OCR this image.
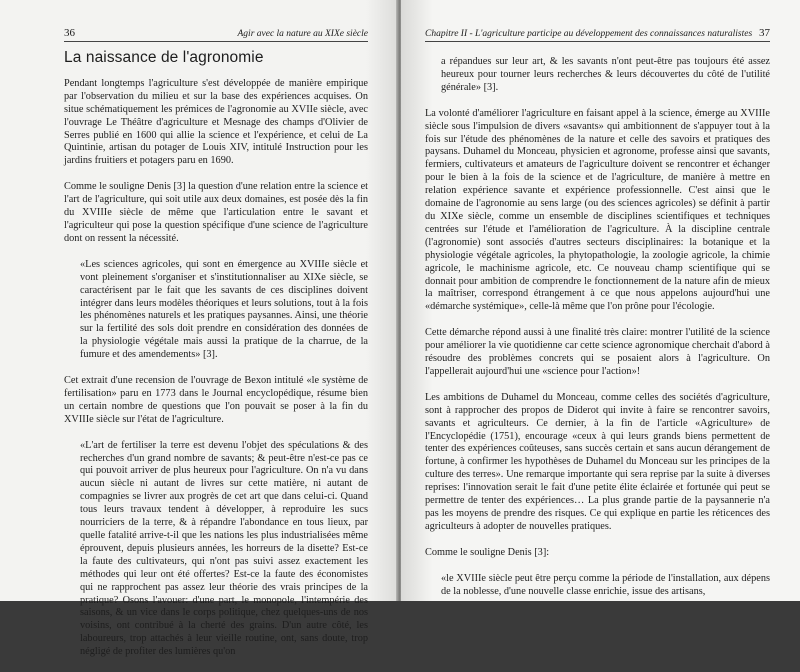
36	Agir avec la nature au XIXe siècle
La naissance de l'agronomie

Pendant longtemps l'agriculture s'est développée de manière empirique par l'observation du milieu et sur la base des expériences acquises. On situe schématiquement les prémices de l'agronomie au XVIIe siècle, avec l'ouvrage Le Théâtre d'agriculture et Mesnage des champs d'Olivier de Serres publié en 1600 qui allie la science et l'expérience, et celui de La Quintinie, artisan du potager de Louis XIV, intitulé Instruction pour les jardins fruitiers et potagers paru en 1690.

Comme le souligne Denis [3] la question d'une relation entre la science et l'art de l'agriculture, qui soit utile aux deux domaines, est posée dès la fin du XVIIIe siècle de même que l'articulation entre le savant et l'agriculteur qui pose la question spécifique d'une science de l'agriculture dont on ressent la nécessité.

«Les sciences agricoles, qui sont en émergence au XVIIIe siècle et vont pleinement s'organiser et s'institutionnaliser au XIXe siècle, se caractérisent par le fait que les savants de ces disciplines doivent intégrer dans leurs modèles théoriques et leurs solutions, tout à la fois les phénomènes naturels et les pratiques paysannes. Ainsi, une théorie sur la fertilité des sols doit prendre en considération des données de la physiologie végétale mais aussi la pratique de la charrue, de la fumure et des amendements» [3].

Cet extrait d'une recension de l'ouvrage de Bexon intitulé «le système de fertilisation» paru en 1773 dans le Journal encyclopédique, résume bien un certain nombre de questions que l'on pouvait se poser à la fin du XVIIIe siècle sur l'état de l'agriculture.

«L'art de fertiliser la terre est devenu l'objet des spéculations & des recherches d'un grand nombre de savants; & peut-être n'est-ce pas ce qui pouvoit arriver de plus heureux pour l'agriculture. On n'a vu dans aucun siècle ni autant de livres sur cette matière, ni autant de compagnies se livrer aux progrès de cet art que dans celui-ci. Quand tous leurs travaux tendent à développer, à reproduire les sucs nourriciers de la terre, & à répandre l'abondance en tous lieux, par quelle fatalité arrive-t-il que les nations les plus industrialisées même éprouvent, depuis plusieurs années, les horreurs de la disette? Est-ce la faute des cultivateurs, qui n'ont pas suivi assez exactement les méthodes qui leur ont été offertes? Est-ce la faute des économistes qui ne rapprochent pas assez leur théorie des vrais principes de la pratique? Osons l'avouer: d'une part, le monopole, l'intempérie des saisons, & un vice dans le corps politique, chez quelques-uns de nos voisins, ont contribué à la cherté des grains. D'un autre côté, les laboureurs, trop attachés à leur vieille routine, ont, sans doute, trop négligé de profiter des lumières qu'on

Chapitre II - L'agriculture participe au développement des connaissances naturalistes 37

a répandues sur leur art, & les savants n'ont peut-être pas toujours été assez heureux pour tourner leurs recherches & leurs découvertes du côté de l'utilité générale» [3].

La volonté d'améliorer l'agriculture en faisant appel à la science, émerge au XVIIIe siècle sous l'impulsion de divers «savants» qui ambitionnent de s'appuyer tout à la fois sur l'étude des phénomènes de la nature et celle des savoirs et pratiques des paysans. Duhamel du Monceau, physicien et agronome, professe ainsi que savants, fermiers, cultivateurs et amateurs de l'agriculture doivent se rencontrer et échanger pour le bien à la fois de la science et de l'agriculture, de manière à mettre en relation expérience savante et expérience professionnelle. C'est ainsi que le domaine de l'agronomie au sens large (ou des sciences agricoles) se définit à partir du XIXe siècle, comme un ensemble de disciplines scientifiques et techniques centrées sur l'étude et l'amélioration de l'agriculture. À la discipline centrale (l'agronomie) sont associés d'autres secteurs disciplinaires: la botanique et la physiologie végétale agricoles, la phytopathologie, la zoologie agricole, la chimie agricole, le machinisme agricole, etc. Ce nouveau champ scientifique qui se donnait pour ambition de comprendre le fonctionnement de la nature afin de mieux la maîtriser, correspond étrangement à ce que nous appelons aujourd'hui une «démarche systémique», celle-là même que l'on prône pour l'écologie.

Cette démarche répond aussi à une finalité très claire: montrer l'utilité de la science pour améliorer la vie quotidienne car cette science agronomique cherchait d'abord à résoudre des problèmes concrets qui se posaient alors à l'agriculture. On l'appellerait aujourd'hui une «science pour l'action»!

Les ambitions de Duhamel du Monceau, comme celles des sociétés d'agriculture, sont à rapprocher des propos de Diderot qui invite à faire se rencontrer savoirs, savants et agriculteurs. Ce dernier, à la fin de l'article «Agriculture» de l'Encyclopédie (1751), encourage «ceux à qui leurs grands biens permettent de tenter des expériences coûteuses, sans succès certain et sans aucun dérangement de fortune, à confirmer les hypothèses de Duhamel du Monceau sur les principes de la culture des terres». Une remarque importante qui sera reprise par la suite à diverses reprises: l'innovation serait le fait d'une petite élite éclairée et fortunée qui peut se permettre de tenter des expériences… La plus grande partie de la paysannerie n'a pas les moyens de prendre des risques. Ce qui explique en partie les réticences des agriculteurs à adopter de nouvelles pratiques.

Comme le souligne Denis [3]:

«le XVIIIe siècle peut être perçu comme la période de l'installation, aux dépens de la noblesse, d'une nouvelle classe enrichie, issue des artisans,
